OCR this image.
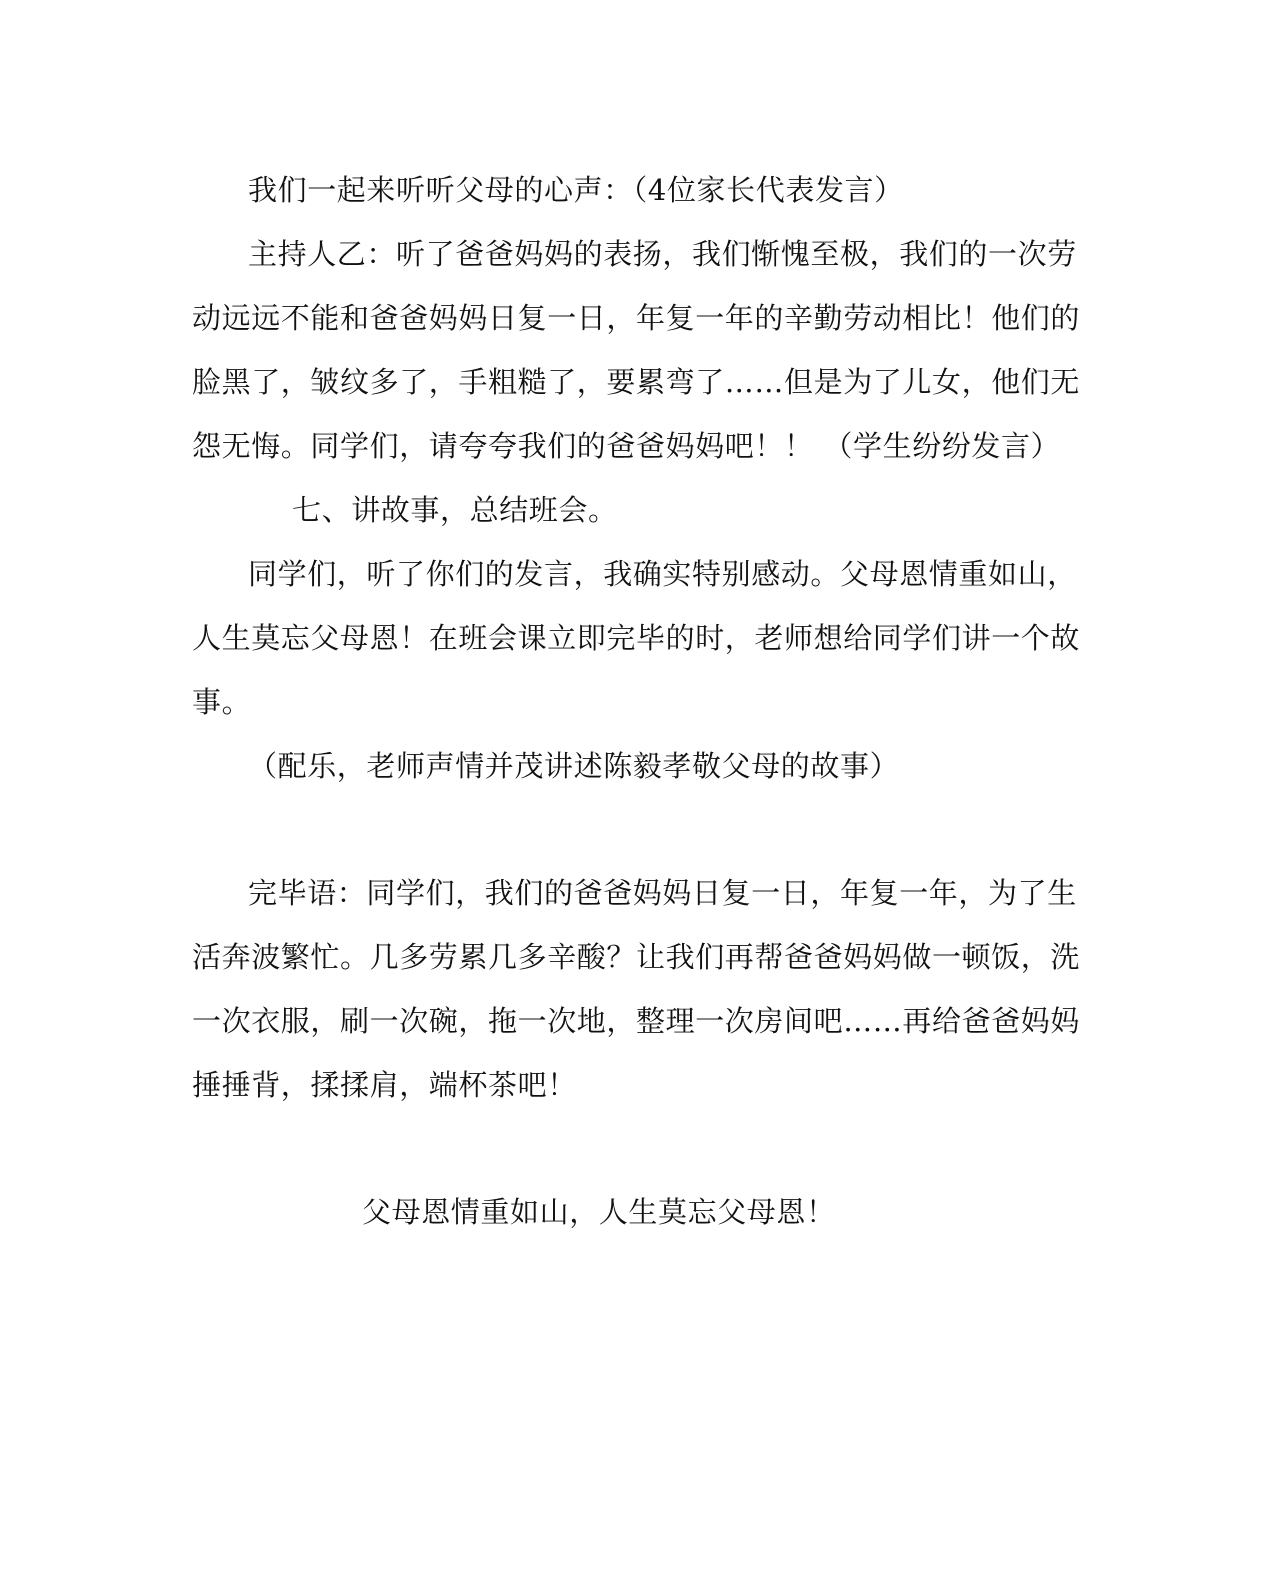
我们一起来听听父母的心声：（4位家长代表发言）
主持人乙：听了爸爸妈妈的表扬，我们惭愧至极，我们的一次劳
动远远不能和爸爸妈妈日复一日，年复一年的辛勤劳动相比！他们的
脸黑了，皱纹多了，手粗糙了，要累弯了……但是为了儿女，他们无
怨无悔。同学们，请夸夸我们的爸爸妈妈吧！！ （学生纷纷发言）
七、讲故事，总结班会。
同学们，听了你们的发言，我确实特别感动。父母恩情重如山，
人生莫忘父母恩！在班会课立即完毕的时，老师想给同学们讲一个故
事。
（配乐，老师声情并茂讲述陈毅孝敬父母的故事）
完毕语：同学们，我们的爸爸妈妈日复一日，年复一年，为了生
活奔波繁忙。几多劳累几多辛酸？让我们再帮爸爸妈妈做一顿饭，洗
一次衣服，刷一次碗，拖一次地，整理一次房间吧……再给爸爸妈妈
捶捶背，揉揉肩，端杯茶吧！
父母恩情重如山，人生莫忘父母恩！
